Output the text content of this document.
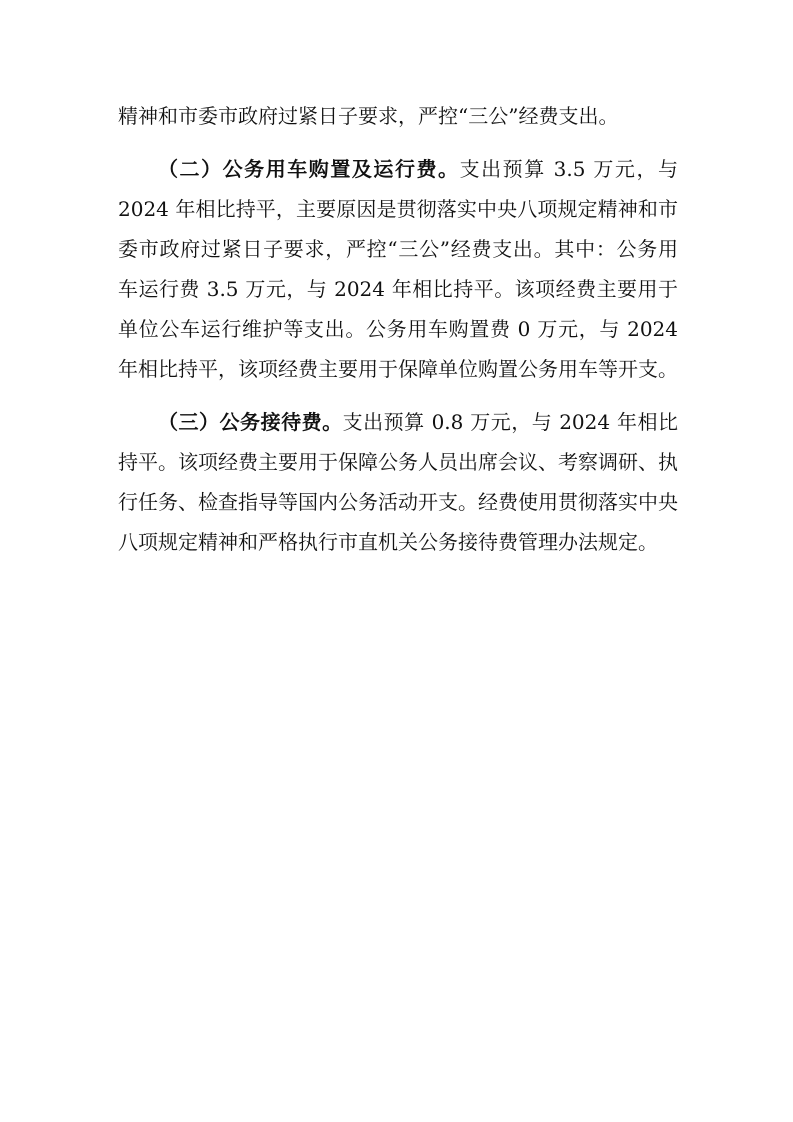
精神和市委市政府过紧日子要求，严控“三公”经费支出。

（二）公务用车购置及运行费。支出预算 3.5 万元，与 2024 年相比持平，主要原因是贯彻落实中央八项规定精神和市委市政府过紧日子要求，严控“三公”经费支出。其中：公务用车运行费 3.5 万元，与 2024 年相比持平。该项经费主要用于单位公车运行维护等支出。公务用车购置费 0 万元，与 2024 年相比持平，该项经费主要用于保障单位购置公务用车等开支。

（三）公务接待费。支出预算 0.8 万元，与 2024 年相比持平。该项经费主要用于保障公务人员出席会议、考察调研、执行任务、检查指导等国内公务活动开支。经费使用贯彻落实中央八项规定精神和严格执行市直机关公务接待费管理办法规定。
